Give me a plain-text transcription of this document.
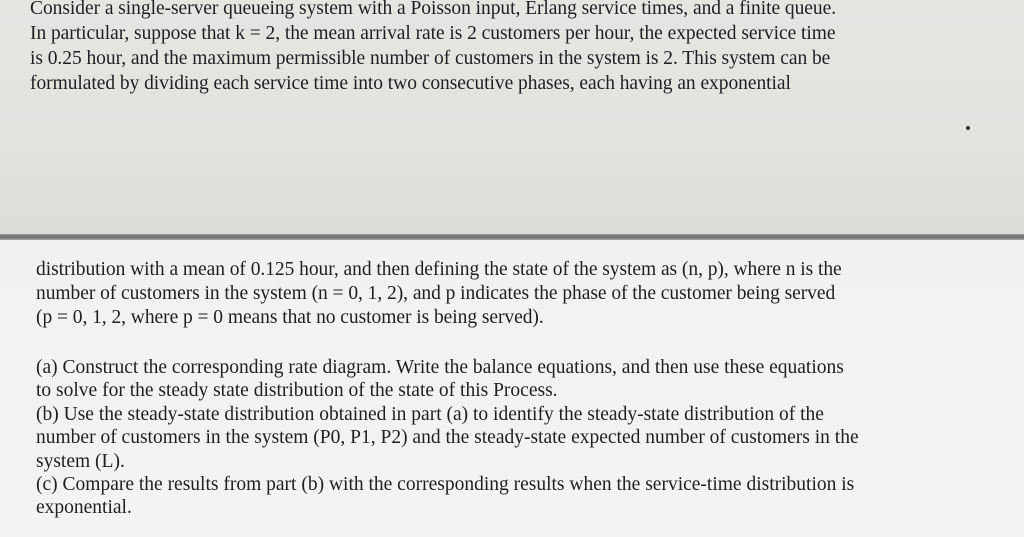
Consider a single-server queueing system with a Poisson input, Erlang service times, and a finite queue.
In particular, suppose that k = 2, the mean arrival rate is 2 customers per hour, the expected service time
is 0.25 hour, and the maximum permissible number of customers in the system is 2. This system can be
formulated by dividing each service time into two consecutive phases, each having an exponential
distribution with a mean of 0.125 hour, and then defining the state of the system as (n, p), where n is the
number of customers in the system (n = 0, 1, 2), and p indicates the phase of the customer being served
(p = 0, 1, 2, where p = 0 means that no customer is being served).
(a) Construct the corresponding rate diagram. Write the balance equations, and then use these equations
to solve for the steady state distribution of the state of this Process.
(b) Use the steady-state distribution obtained in part (a) to identify the steady-state distribution of the
number of customers in the system (P0, P1, P2) and the steady-state expected number of customers in the
system (L).
(c) Compare the results from part (b) with the corresponding results when the service-time distribution is
exponential.
